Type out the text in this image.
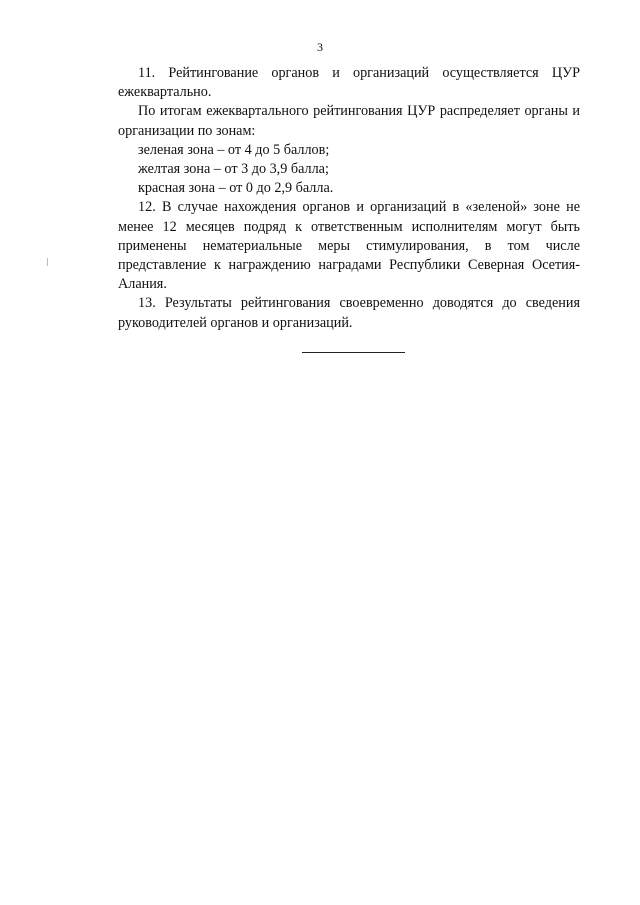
3

11. Рейтингование органов и организаций осуществляется ЦУР ежеквартально.

По итогам ежеквартального рейтингования ЦУР распределяет органы и организации по зонам:

зеленая зона – от 4 до 5 баллов;

желтая зона – от 3 до 3,9 балла;

красная зона – от 0 до 2,9 балла.

12. В случае нахождения органов и организаций в «зеленой» зоне не менее 12 месяцев подряд к ответственным исполнителям могут быть применены нематериальные меры стимулирования, в том числе представление к награждению наградами Республики Северная Осетия-Алания.

13. Результаты рейтингования своевременно доводятся до сведения руководителей органов и организаций.
